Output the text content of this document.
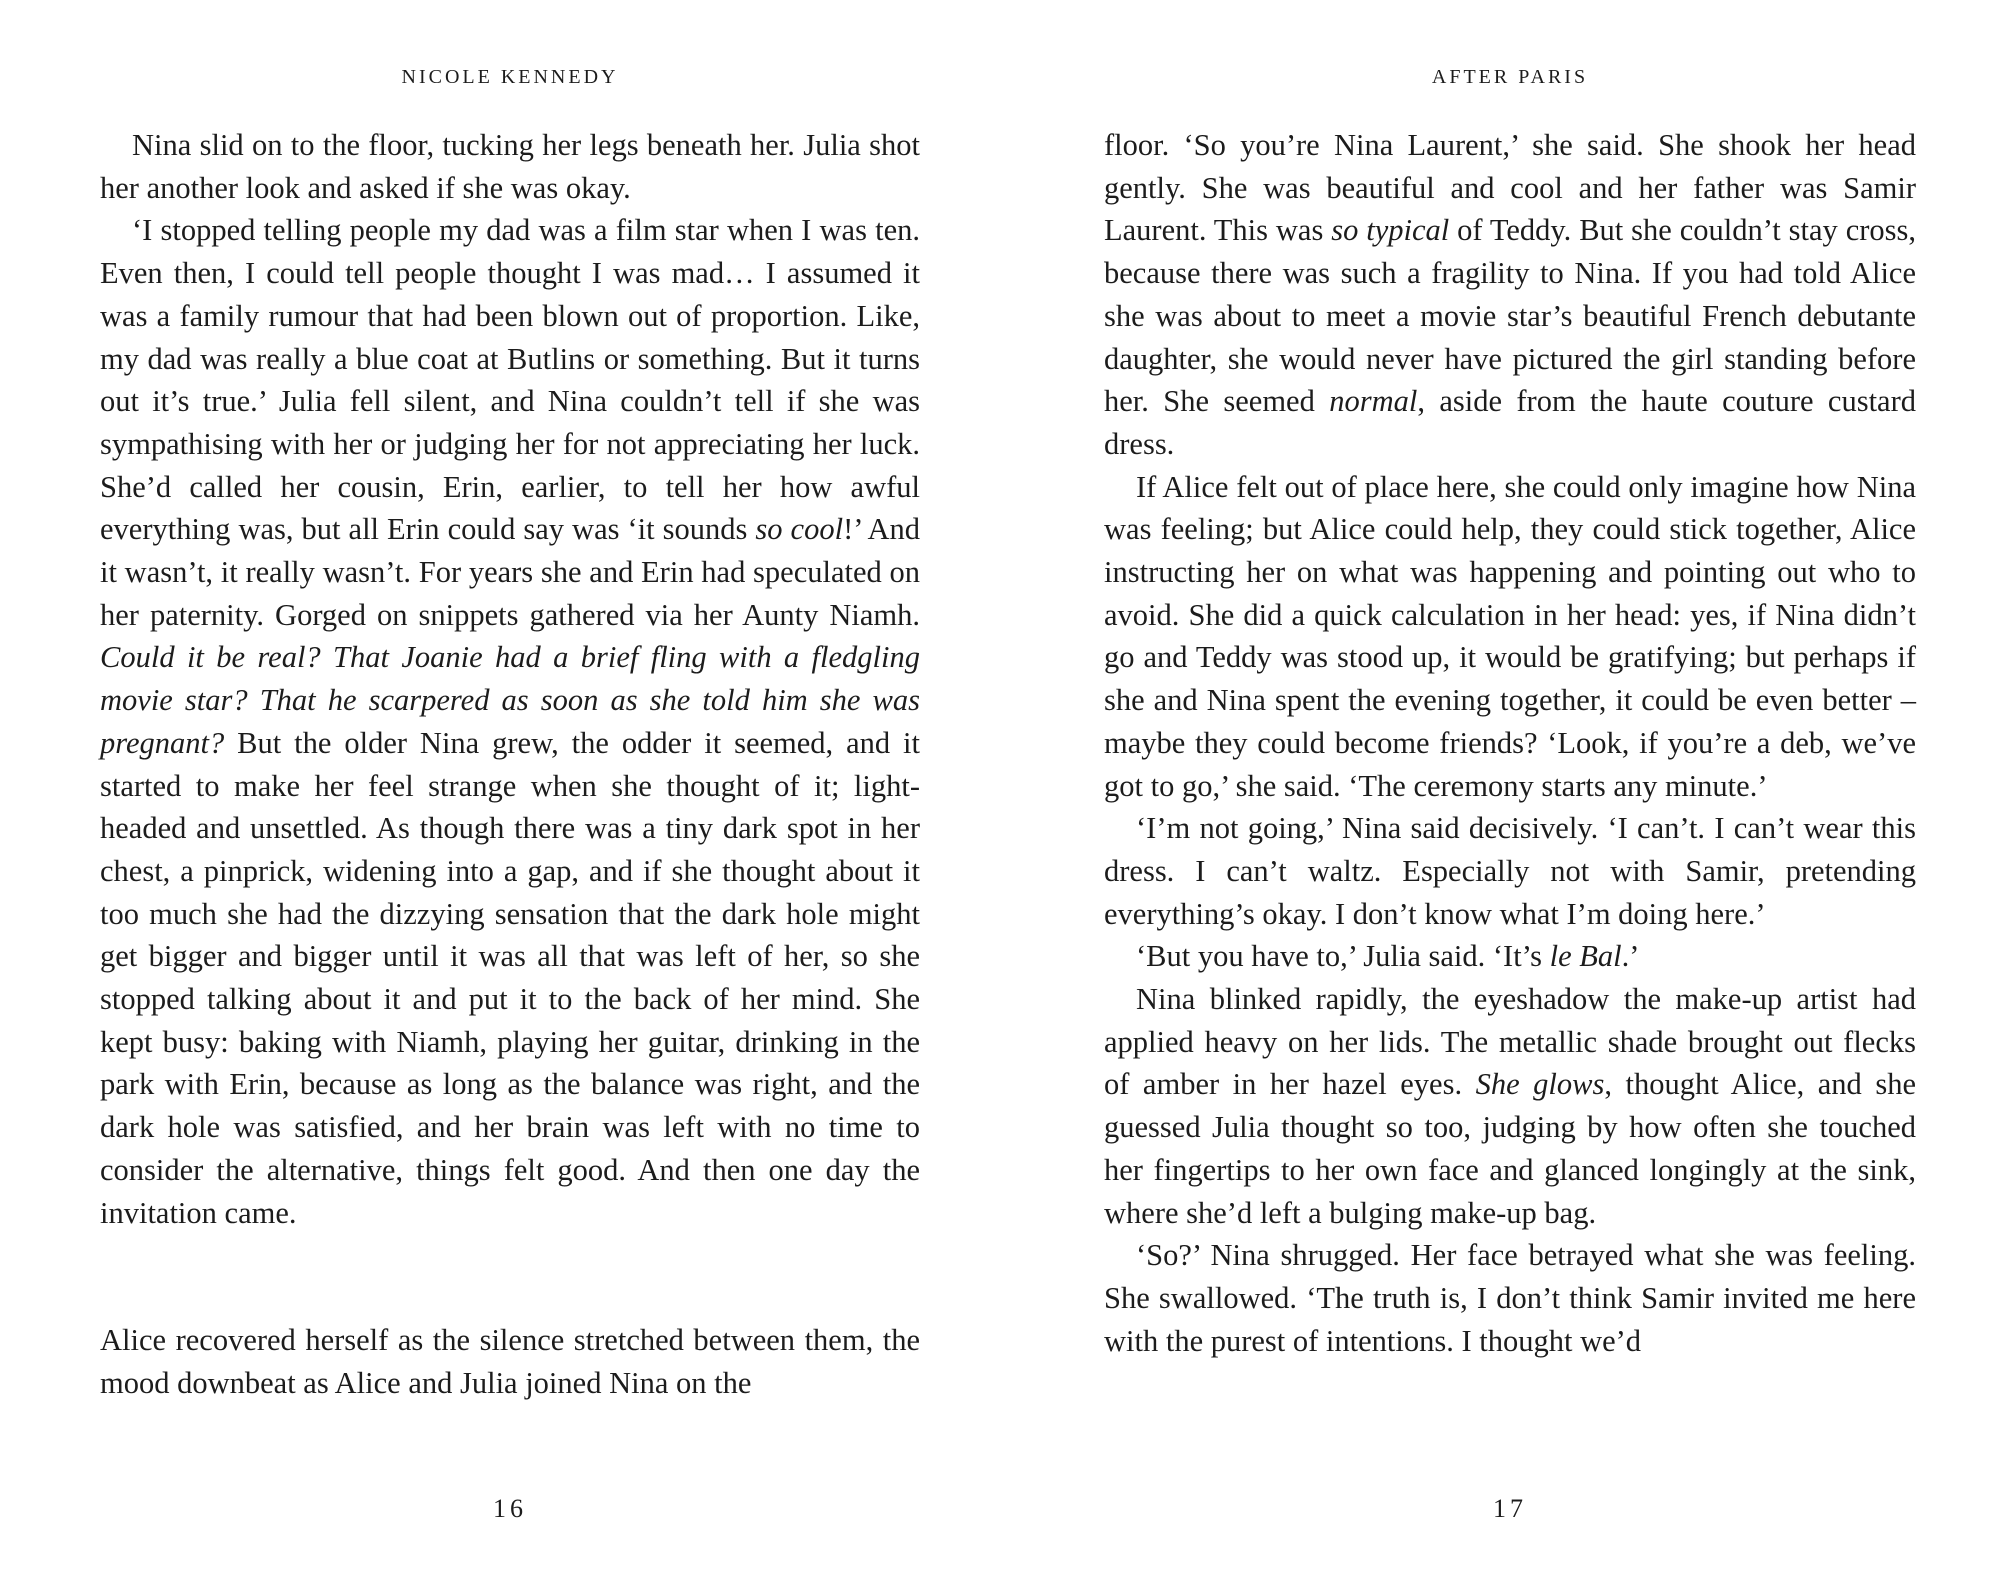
NICOLE KENNEDY

Nina slid on to the floor, tucking her legs beneath her. Julia shot her another look and asked if she was okay.

‘I stopped telling people my dad was a film star when I was ten. Even then, I could tell people thought I was mad… I assumed it was a family rumour that had been blown out of proportion. Like, my dad was really a blue coat at Butlins or something. But it turns out it’s true.’ Julia fell silent, and Nina couldn’t tell if she was sympathising with her or judging her for not appreciating her luck. She’d called her cousin, Erin, earlier, to tell her how awful everything was, but all Erin could say was ‘it sounds so cool!’ And it wasn’t, it really wasn’t. For years she and Erin had speculated on her paternity. Gorged on snippets gathered via her Aunty Niamh. Could it be real? That Joanie had a brief fling with a fledgling movie star? That he scarpered as soon as she told him she was pregnant? But the older Nina grew, the odder it seemed, and it started to make her feel strange when she thought of it; light-headed and unsettled. As though there was a tiny dark spot in her chest, a pinprick, widening into a gap, and if she thought about it too much she had the dizzying sensation that the dark hole might get bigger and bigger until it was all that was left of her, so she stopped talking about it and put it to the back of her mind. She kept busy: baking with Niamh, playing her guitar, drinking in the park with Erin, because as long as the balance was right, and the dark hole was satisfied, and her brain was left with no time to consider the alternative, things felt good. And then one day the invitation came.

Alice recovered herself as the silence stretched between them, the mood downbeat as Alice and Julia joined Nina on the

16
AFTER PARIS

floor. ‘So you’re Nina Laurent,’ she said. She shook her head gently. She was beautiful and cool and her father was Samir Laurent. This was so typical of Teddy. But she couldn’t stay cross, because there was such a fragility to Nina. If you had told Alice she was about to meet a movie star’s beautiful French debutante daughter, she would never have pictured the girl standing before her. She seemed normal, aside from the haute couture custard dress.

If Alice felt out of place here, she could only imagine how Nina was feeling; but Alice could help, they could stick together, Alice instructing her on what was happening and pointing out who to avoid. She did a quick calculation in her head: yes, if Nina didn’t go and Teddy was stood up, it would be gratifying; but perhaps if she and Nina spent the evening together, it could be even better – maybe they could become friends? ‘Look, if you’re a deb, we’ve got to go,’ she said. ‘The ceremony starts any minute.’

‘I’m not going,’ Nina said decisively. ‘I can’t. I can’t wear this dress. I can’t waltz. Especially not with Samir, pretending everything’s okay. I don’t know what I’m doing here.’

‘But you have to,’ Julia said. ‘It’s le Bal.’

Nina blinked rapidly, the eyeshadow the make-up artist had applied heavy on her lids. The metallic shade brought out flecks of amber in her hazel eyes. She glows, thought Alice, and she guessed Julia thought so too, judging by how often she touched her fingertips to her own face and glanced longingly at the sink, where she’d left a bulging make-up bag.

‘So?’ Nina shrugged. Her face betrayed what she was feeling. She swallowed. ‘The truth is, I don’t think Samir invited me here with the purest of intentions. I thought we’d

17
